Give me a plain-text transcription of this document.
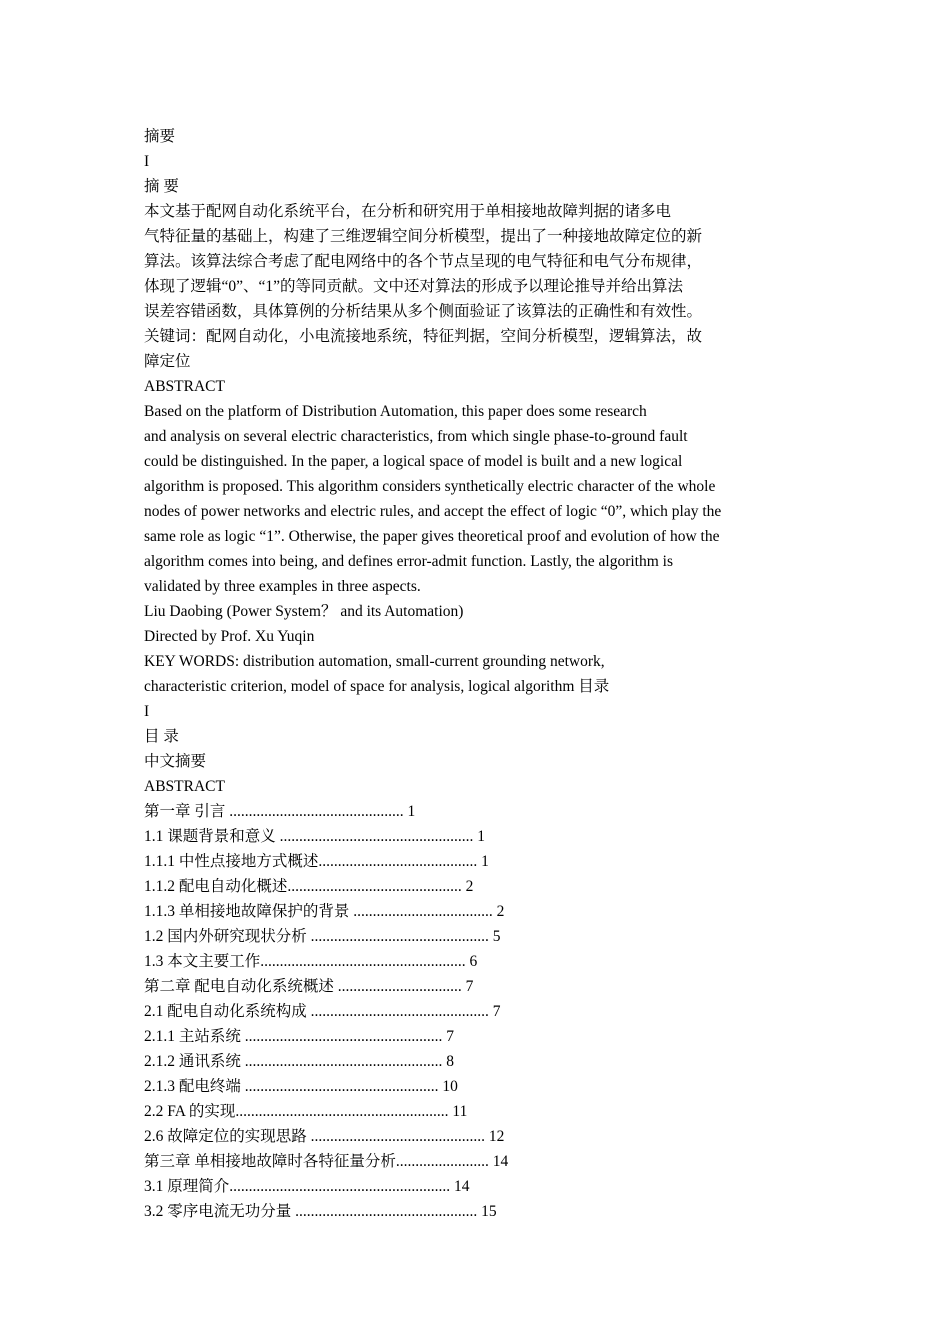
摘要
I
摘 要
本文基于配网自动化系统平台，在分析和研究用于单相接地故障判据的诸多电
气特征量的基础上，构建了三维逻辑空间分析模型，提出了一种接地故障定位的新
算法。该算法综合考虑了配电网络中的各个节点呈现的电气特征和电气分布规律，
体现了逻辑“0”、“1”的等同贡献。文中还对算法的形成予以理论推导并给出算法
误差容错函数，具体算例的分析结果从多个侧面验证了该算法的正确性和有效性。
关键词：配网自动化，小电流接地系统，特征判据，空间分析模型，逻辑算法，故
障定位
ABSTRACT
Based on the platform of Distribution Automation, this paper does some research
and analysis on several electric characteristics, from which single phase-to-ground fault
could be distinguished. In the paper, a logical space of model is built and a new logical
algorithm is proposed. This algorithm considers synthetically electric character of the whole
nodes of power networks and electric rules, and accept the effect of logic “0”, which play the
same role as logic “1”. Otherwise, the paper gives theoretical proof and evolution of how the
algorithm comes into being, and defines error-admit function. Lastly, the algorithm is
validated by three examples in three aspects.
Liu Daobing (Power System？ and its Automation)
Directed by Prof. Xu Yuqin
KEY WORDS: distribution automation, small-current grounding network,
characteristic criterion, model of space for analysis, logical algorithm 目录
I
目 录
中文摘要
ABSTRACT
第一章 引言 ............................................. 1
1.1 课题背景和意义 .................................................. 1
1.1.1 中性点接地方式概述......................................... 1
1.1.2 配电自动化概述............................................. 2
1.1.3 单相接地故障保护的背景 .................................... 2
1.2 国内外研究现状分析 .............................................. 5
1.3 本文主要工作..................................................... 6
第二章 配电自动化系统概述 ................................ 7
2.1 配电自动化系统构成 .............................................. 7
2.1.1 主站系统 ................................................... 7
2.1.2 通讯系统 ................................................... 8
2.1.3 配电终端 .................................................. 10
2.2 FA 的实现....................................................... 11
2.6 故障定位的实现思路 ............................................. 12
第三章 单相接地故障时各特征量分析........................ 14
3.1 原理简介......................................................... 14
3.2 零序电流无功分量 ............................................... 15
